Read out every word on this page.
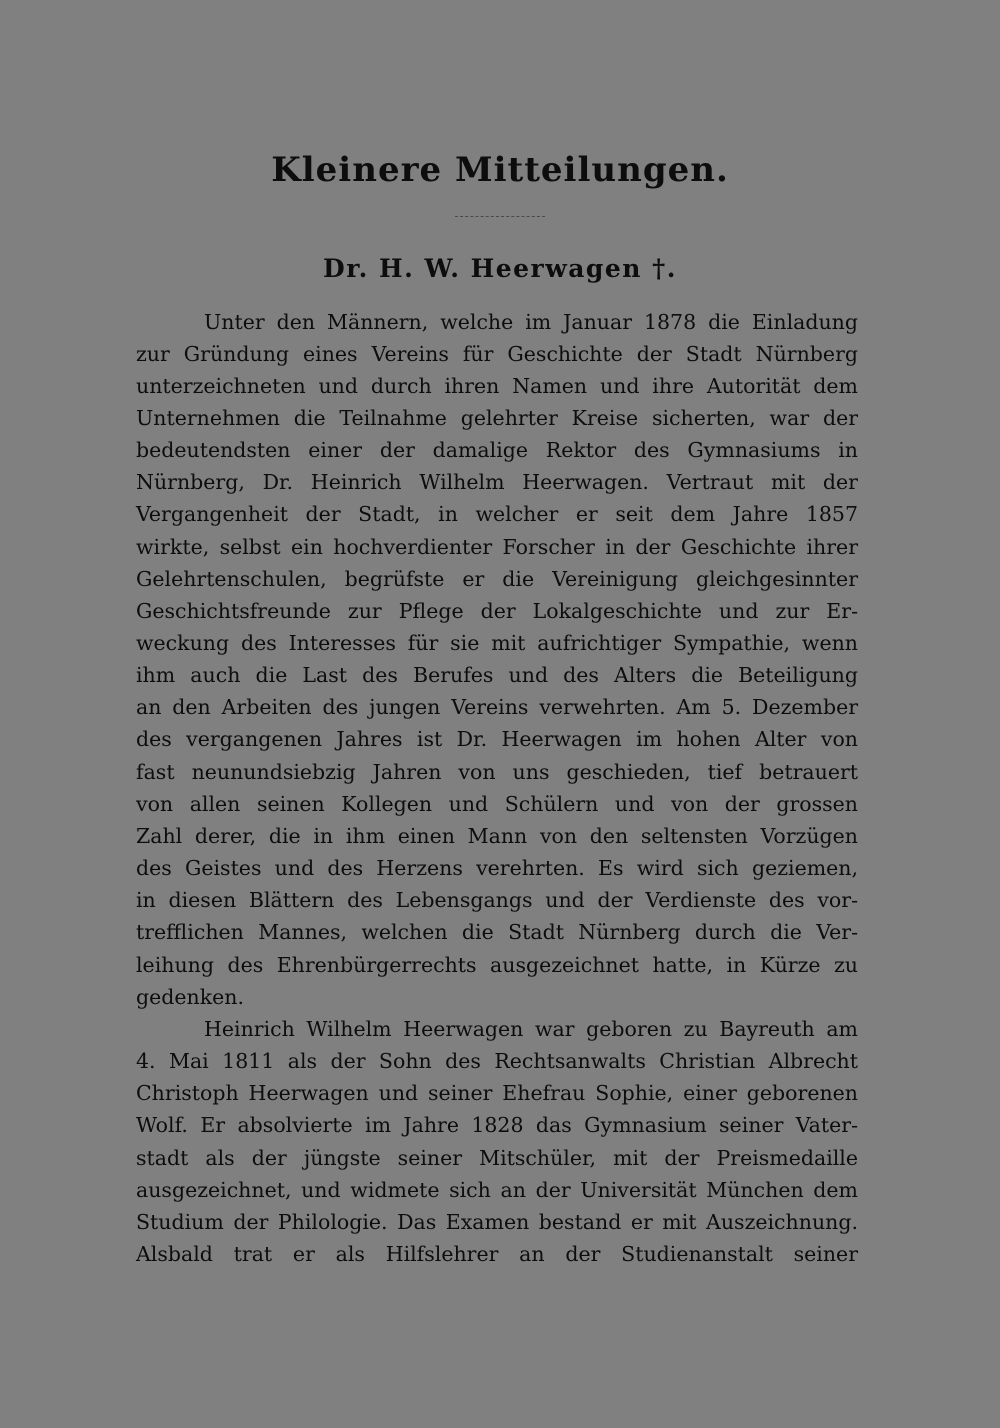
Kleinere Mitteilungen.
Dr. H. W. Heerwagen †.
Unter den Männern, welche im Januar 1878 die Einladung
zur Gründung eines Vereins für Geschichte der Stadt Nürnberg
unterzeichneten und durch ihren Namen und ihre Autorität dem
Unternehmen die Teilnahme gelehrter Kreise sicherten, war der
bedeutendsten einer der damalige Rektor des Gymnasiums in
Nürnberg, Dr. Heinrich Wilhelm Heerwagen. Vertraut mit der
Vergangenheit der Stadt, in welcher er seit dem Jahre 1857
wirkte, selbst ein hochverdienter Forscher in der Geschichte ihrer
Gelehrtenschulen, begrüfste er die Vereinigung gleichgesinnter
Geschichtsfreunde zur Pflege der Lokalgeschichte und zur Er-
weckung des Interesses für sie mit aufrichtiger Sympathie, wenn
ihm auch die Last des Berufes und des Alters die Beteiligung
an den Arbeiten des jungen Vereins verwehrten. Am 5. Dezember
des vergangenen Jahres ist Dr. Heerwagen im hohen Alter von
fast neunundsiebzig Jahren von uns geschieden, tief betrauert
von allen seinen Kollegen und Schülern und von der grossen
Zahl derer, die in ihm einen Mann von den seltensten Vorzügen
des Geistes und des Herzens verehrten. Es wird sich geziemen,
in diesen Blättern des Lebensgangs und der Verdienste des vor-
trefflichen Mannes, welchen die Stadt Nürnberg durch die Ver-
leihung des Ehrenbürgerrechts ausgezeichnet hatte, in Kürze zu
gedenken.
Heinrich Wilhelm Heerwagen war geboren zu Bayreuth am
4. Mai 1811 als der Sohn des Rechtsanwalts Christian Albrecht
Christoph Heerwagen und seiner Ehefrau Sophie, einer geborenen
Wolf. Er absolvierte im Jahre 1828 das Gymnasium seiner Vater-
stadt als der jüngste seiner Mitschüler, mit der Preismedaille
ausgezeichnet, und widmete sich an der Universität München dem
Studium der Philologie. Das Examen bestand er mit Auszeichnung.
Alsbald trat er als Hilfslehrer an der Studienanstalt seiner
